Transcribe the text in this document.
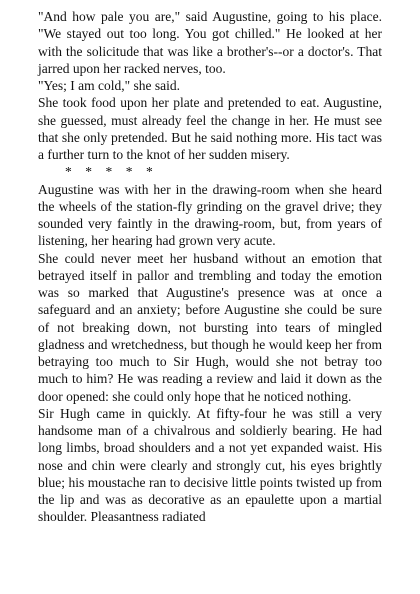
"And how pale you are," said Augustine, going to his place. "We stayed out too long. You got chilled." He looked at her with the solicitude that was like a brother's--or a doctor's. That jarred upon her racked nerves, too.

"Yes; I am cold," she said.

She took food upon her plate and pretended to eat. Augustine, she guessed, must already feel the change in her. He must see that she only pretended. But he said nothing more. His tact was a further turn to the knot of her sudden misery.

*    *    *    *    *

Augustine was with her in the drawing-room when she heard the wheels of the station-fly grinding on the gravel drive; they sounded very faintly in the drawing-room, but, from years of listening, her hearing had grown very acute.

She could never meet her husband without an emotion that betrayed itself in pallor and trembling and today the emotion was so marked that Augustine's presence was at once a safeguard and an anxiety; before Augustine she could be sure of not breaking down, not bursting into tears of mingled gladness and wretchedness, but though he would keep her from betraying too much to Sir Hugh, would she not betray too much to him? He was reading a review and laid it down as the door opened: she could only hope that he noticed nothing.

Sir Hugh came in quickly. At fifty-four he was still a very handsome man of a chivalrous and soldierly bearing. He had long limbs, broad shoulders and a not yet expanded waist. His nose and chin were clearly and strongly cut, his eyes brightly blue; his moustache ran to decisive little points twisted up from the lip and was as decorative as an epaulette upon a martial shoulder. Pleasantness radiated
